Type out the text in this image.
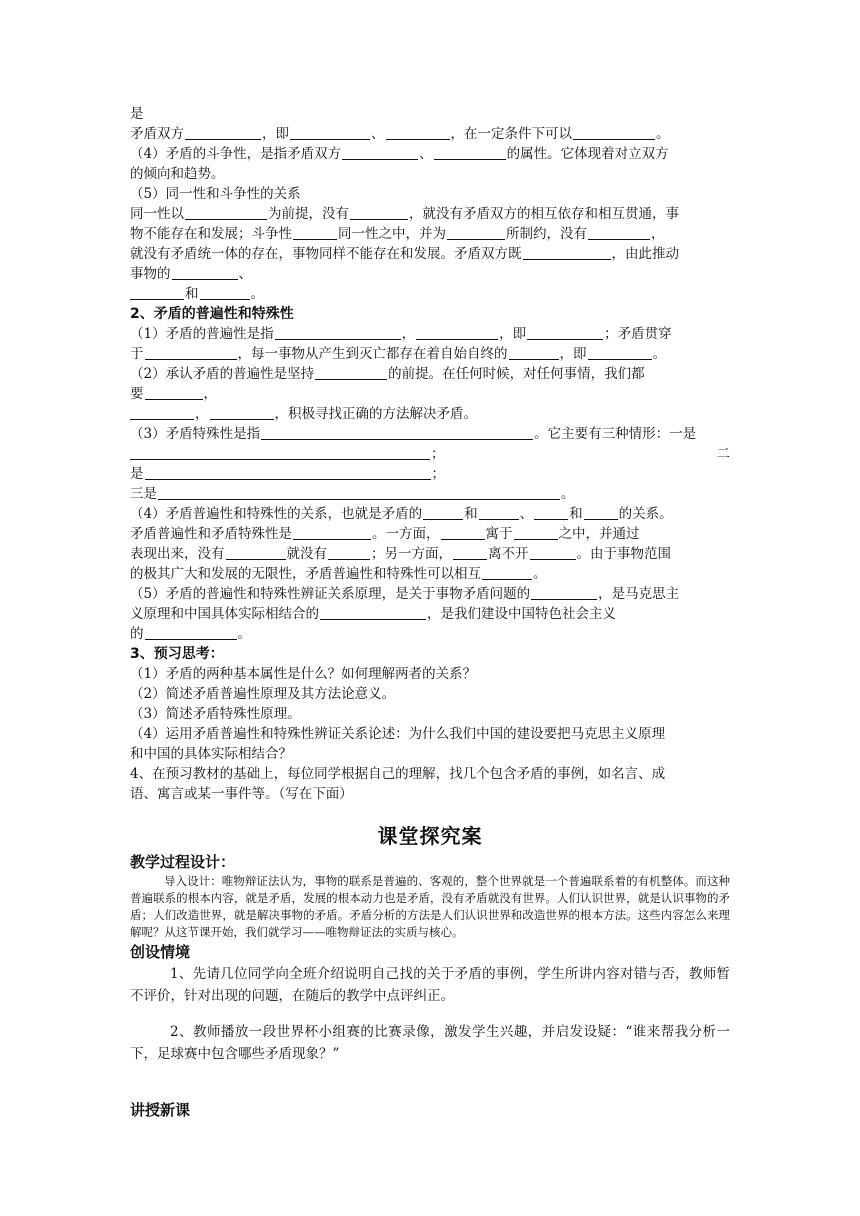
是
矛盾双方	，即	、	，在一定条件下可以	。
（4）矛盾的斗争性，是指矛盾双方	、	的属性。它体现着对立双方
的倾向和趋势。
（5）同一性和斗争性的关系
同一性以	为前提，没有	，就没有矛盾双方的相互依存和相互贯通，事
物不能存在和发展；斗争性	同一性之中，并为	所制约，没有	，
就没有矛盾统一体的存在，事物同样不能存在和发展。矛盾双方既	，由此推动
事物的	、
和	。
2、矛盾的普遍性和特殊性
（1）矛盾的普遍性是指	，	，即	；矛盾贯穿
于	，每一事物从产生到灭亡都存在着自始自终的	，即	。
（2）承认矛盾的普遍性是坚持	的前提。在任何时候，对任何事情，我们都
要	，
，	，积极寻找正确的方法解决矛盾。
（3）矛盾特殊性是指	。它主要有三种情形：一是
；	二
是	；
三是	。
（4）矛盾普遍性和特殊性的关系，也就是矛盾的	和	、	和	的关系。
矛盾普遍性和矛盾特殊性是	。一方面，	寓于	之中，并通过
表现出来，没有	就没有	；另一方面，	离不开	。由于事物范围
的极其广大和发展的无限性，矛盾普遍性和特殊性可以相互	。
（5）矛盾的普遍性和特殊性辨证关系原理，是关于事物矛盾问题的	，是马克思主
义原理和中国具体实际相结合的	，是我们建设中国特色社会主义
的	。
3、预习思考：
（1）矛盾的两种基本属性是什么？如何理解两者的关系？
（2）简述矛盾普遍性原理及其方法论意义。
（3）简述矛盾特殊性原理。
（4）运用矛盾普遍性和特殊性辨证关系论述：为什么我们中国的建设要把马克思主义原理
和中国的具体实际相结合？
4、在预习教材的基础上，每位同学根据自己的理解，找几个包含矛盾的事例，如名言、成
语、寓言或某一事件等。（写在下面）
课堂探究案
教学过程设计：
导入设计：唯物辩证法认为，事物的联系是普遍的、客观的，整个世界就是一个普遍联系着的有机整体。而这种普遍联系的根本内容，就是矛盾，发展的根本动力也是矛盾，没有矛盾就没有世界。人们认识世界，就是认识事物的矛盾；人们改造世界，就是解决事物的矛盾。矛盾分析的方法是人们认识世界和改造世界的根本方法。这些内容怎么来理解呢？从这节课开始，我们就学习——唯物辩证法的实质与核心。
创设情境
1、先请几位同学向全班介绍说明自己找的关于矛盾的事例，学生所讲内容对错与否，教师暂不评价，针对出现的问题，在随后的教学中点评纠正。
2、教师播放一段世界杯小组赛的比赛录像，激发学生兴趣，并启发设疑：“谁来帮我分析一下，足球赛中包含哪些矛盾现象？”
讲授新课
